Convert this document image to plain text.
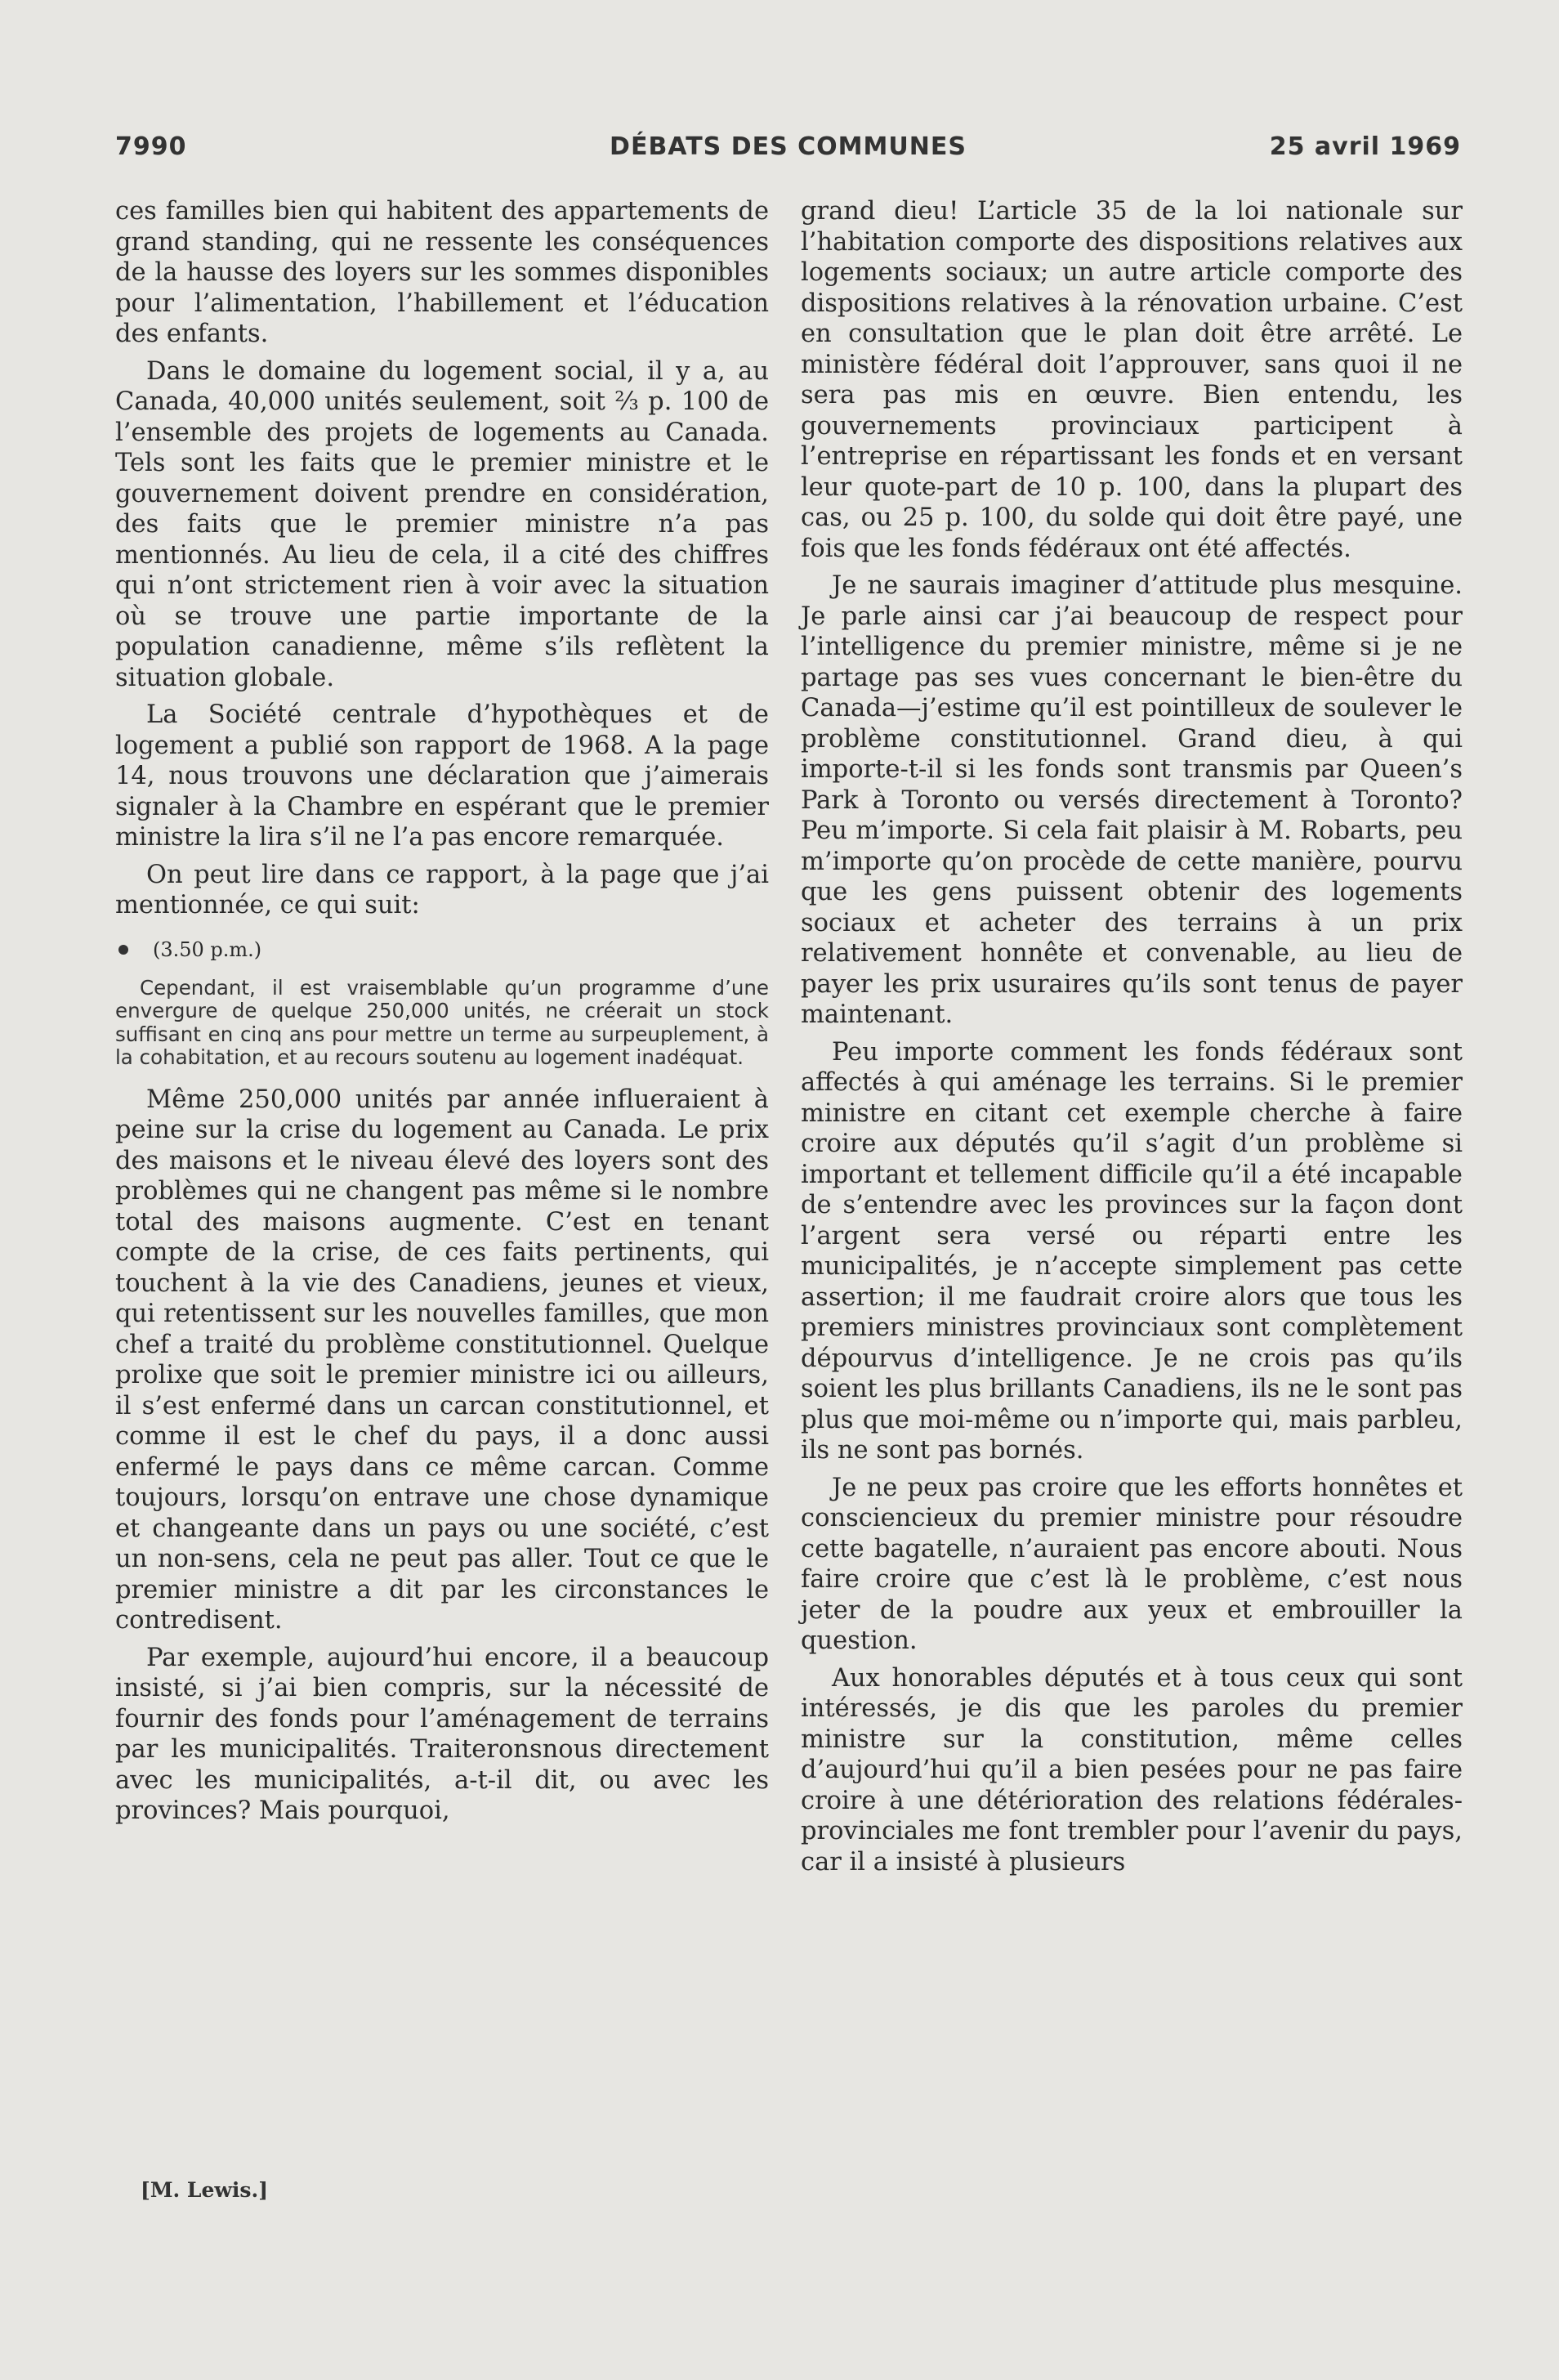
7990	DÉBATS DES COMMUNES	25 avril 1969

ces familles bien qui habitent des appartements de grand standing, qui ne ressente les conséquences de la hausse des loyers sur les sommes disponibles pour l’alimentation, l’habillement et l’éducation des enfants.

Dans le domaine du logement social, il y a, au Canada, 40,000 unités seulement, soit ⅔ p. 100 de l’ensemble des projets de logements au Canada. Tels sont les faits que le premier ministre et le gouvernement doivent prendre en considération, des faits que le premier ministre n’a pas mentionnés. Au lieu de cela, il a cité des chiffres qui n’ont strictement rien à voir avec la situation où se trouve une partie importante de la population canadienne, même s’ils reflètent la situation globale.

La Société centrale d’hypothèques et de logement a publié son rapport de 1968. A la page 14, nous trouvons une déclaration que j’aimerais signaler à la Chambre en espérant que le premier ministre la lira s’il ne l’a pas encore remarquée.

On peut lire dans ce rapport, à la page que j’ai mentionnée, ce qui suit:

(3.50 p.m.)
Cependant, il est vraisemblable qu’un programme d’une envergure de quelque 250,000 unités, ne créerait un stock suffisant en cinq ans pour mettre un terme au surpeuplement, à la cohabitation, et au recours soutenu au logement inadéquat.

Même 250,000 unités par année influeraient à peine sur la crise du logement au Canada. Le prix des maisons et le niveau élevé des loyers sont des problèmes qui ne changent pas même si le nombre total des maisons augmente. C’est en tenant compte de la crise, de ces faits pertinents, qui touchent à la vie des Canadiens, jeunes et vieux, qui retentissent sur les nouvelles familles, que mon chef a traité du problème constitutionnel. Quelque prolixe que soit le premier ministre ici ou ailleurs, il s’est enfermé dans un carcan constitutionnel, et comme il est le chef du pays, il a donc aussi enfermé le pays dans ce même carcan. Comme toujours, lorsqu’on entrave une chose dynamique et changeante dans un pays ou une société, c’est un non-sens, cela ne peut pas aller. Tout ce que le premier ministre a dit par les circonstances le contredisent.

Par exemple, aujourd’hui encore, il a beaucoup insisté, si j’ai bien compris, sur la nécessité de fournir des fonds pour l’aménagement de terrains par les municipalités. Traiteronsnous directement avec les municipalités, a-t-il dit, ou avec les provinces? Mais pourquoi,

[M. Lewis.]

grand dieu! L’article 35 de la loi nationale sur l’habitation comporte des dispositions relatives aux logements sociaux; un autre article comporte des dispositions relatives à la rénovation urbaine. C’est en consultation que le plan doit être arrêté. Le ministère fédéral doit l’approuver, sans quoi il ne sera pas mis en œuvre. Bien entendu, les gouvernements provinciaux participent à l’entreprise en répartissant les fonds et en versant leur quote-part de 10 p. 100, dans la plupart des cas, ou 25 p. 100, du solde qui doit être payé, une fois que les fonds fédéraux ont été affectés.

Je ne saurais imaginer d’attitude plus mesquine. Je parle ainsi car j’ai beaucoup de respect pour l’intelligence du premier ministre, même si je ne partage pas ses vues concernant le bien-être du Canada—j’estime qu’il est pointilleux de soulever le problème constitutionnel. Grand dieu, à qui importe-t-il si les fonds sont transmis par Queen’s Park à Toronto ou versés directement à Toronto? Peu m’importe. Si cela fait plaisir à M. Robarts, peu m’importe qu’on procède de cette manière, pourvu que les gens puissent obtenir des logements sociaux et acheter des terrains à un prix relativement honnête et convenable, au lieu de payer les prix usuraires qu’ils sont tenus de payer maintenant.

Peu importe comment les fonds fédéraux sont affectés à qui aménage les terrains. Si le premier ministre en citant cet exemple cherche à faire croire aux députés qu’il s’agit d’un problème si important et tellement difficile qu’il a été incapable de s’entendre avec les provinces sur la façon dont l’argent sera versé ou réparti entre les municipalités, je n’accepte simplement pas cette assertion; il me faudrait croire alors que tous les premiers ministres provinciaux sont complètement dépourvus d’intelligence. Je ne crois pas qu’ils soient les plus brillants Canadiens, ils ne le sont pas plus que moi-même ou n’importe qui, mais parbleu, ils ne sont pas bornés.

Je ne peux pas croire que les efforts honnêtes et consciencieux du premier ministre pour résoudre cette bagatelle, n’auraient pas encore abouti. Nous faire croire que c’est là le problème, c’est nous jeter de la poudre aux yeux et embrouiller la question.

Aux honorables députés et à tous ceux qui sont intéressés, je dis que les paroles du premier ministre sur la constitution, même celles d’aujourd’hui qu’il a bien pesées pour ne pas faire croire à une détérioration des relations fédérales-provinciales me font trembler pour l’avenir du pays, car il a insisté à plusieurs
